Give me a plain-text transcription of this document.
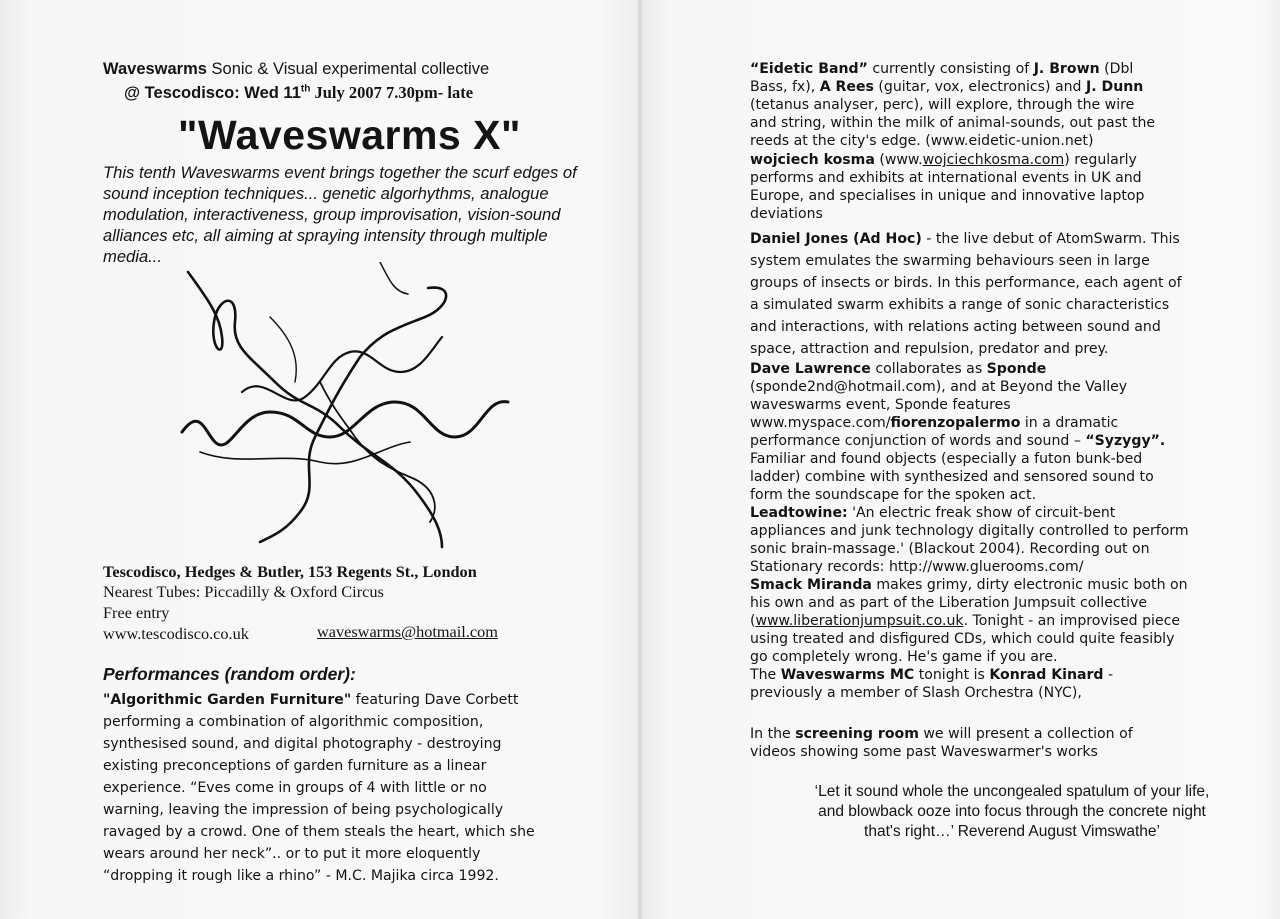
Waveswarms Sonic & Visual experimental collective
@ Tescodisco: Wed 11th July 2007 7.30pm- late
"Waveswarms X"

This tenth Waveswarms event brings together the scurf edges of sound inception techniques... genetic algorhythms, analogue modulation, interactiveness, group improvisation, vision-sound alliances etc, all aiming at spraying intensity through multiple media...

Tescodisco, Hedges & Butler, 153 Regents St., London
Nearest Tubes: Piccadilly & Oxford Circus
Free entry
www.tescodisco.co.uk	waveswarms@hotmail.com
Performances (random order):
"Algorithmic Garden Furniture" featuring Dave Corbett
performing a combination of algorithmic composition,
synthesised sound, and digital photography - destroying
existing preconceptions of garden furniture as a linear
experience. “Eves come in groups of 4 with little or no
warning, leaving the impression of being psychologically
ravaged by a crowd. One of them steals the heart, which she
wears around her neck”.. or to put it more eloquently
“dropping it rough like a rhino” - M.C. Majika circa 1992.
“Eidetic Band” currently consisting of J. Brown (Dbl
Bass, fx), A Rees (guitar, vox, electronics) and J. Dunn
(tetanus analyser, perc), will explore, through the wire
and string, within the milk of animal-sounds, out past the
reeds at the city's edge. (www.eidetic-union.net)
wojciech kosma (www.wojciechkosma.com) regularly
performs and exhibits at international events in UK and
Europe, and specialises in unique and innovative laptop
deviations
Daniel Jones (Ad Hoc) - the live debut of AtomSwarm. This
system emulates the swarming behaviours seen in large
groups of insects or birds. In this performance, each agent of
a simulated swarm exhibits a range of sonic characteristics
and interactions, with relations acting between sound and
space, attraction and repulsion, predator and prey.
Dave Lawrence collaborates as Sponde
(sponde2nd@hotmail.com), and at Beyond the Valley
waveswarms event, Sponde features
www.myspace.com/fiorenzopalermo in a dramatic
performance conjunction of words and sound – “Syzygy”.
Familiar and found objects (especially a futon bunk-bed
ladder) combine with synthesized and sensored sound to
form the soundscape for the spoken act.
Leadtowine: 'An electric freak show of circuit-bent
appliances and junk technology digitally controlled to perform
sonic brain-massage.' (Blackout 2004). Recording out on
Stationary records: http://www.gluerooms.com/
Smack Miranda makes grimy, dirty electronic music both on
his own and as part of the Liberation Jumpsuit collective
(www.liberationjumpsuit.co.uk. Tonight - an improvised piece
using treated and disfigured CDs, which could quite feasibly
go completely wrong. He's game if you are.
The Waveswarms MC tonight is Konrad Kinard -
previously a member of Slash Orchestra (NYC),
In the screening room we will present a collection of
videos showing some past Waveswarmer's works

‘Let it sound whole the uncongealed spatulum of your life,

and blowback ooze into focus through the concrete night

that's right…’ Reverend August Vimswathe’
